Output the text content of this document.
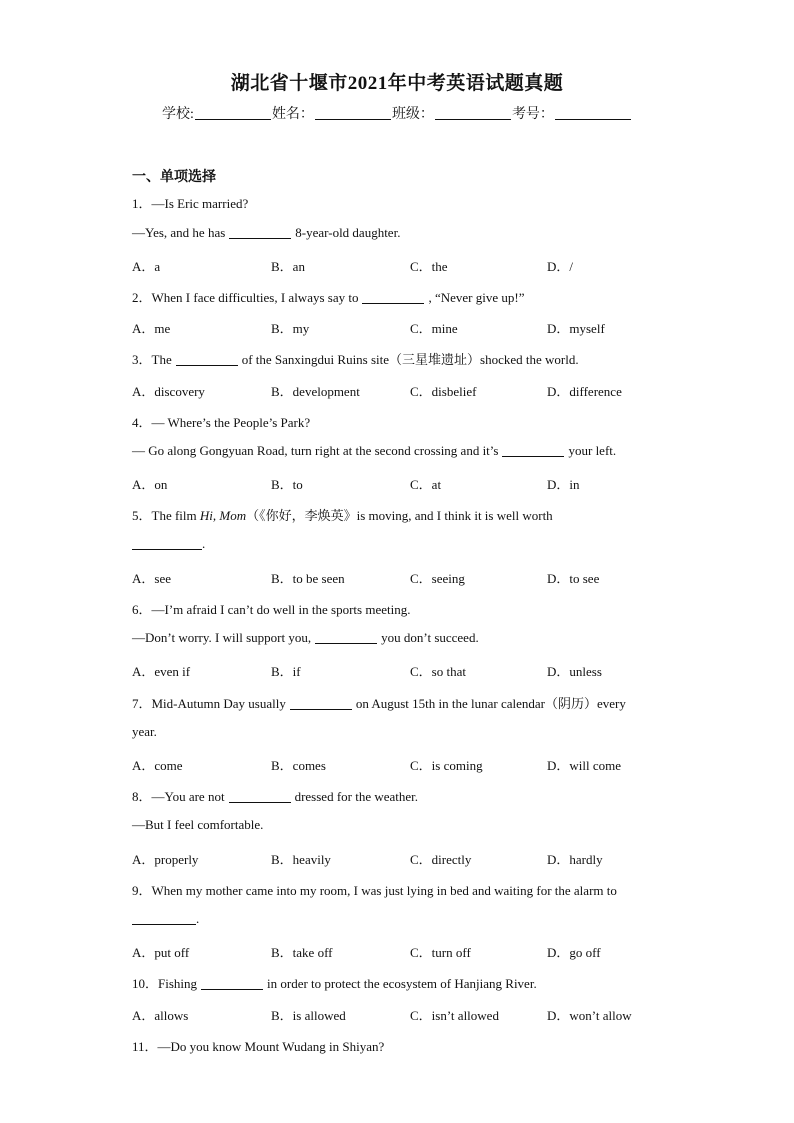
湖北省十堰市2021年中考英语试题真题
学校:	姓名：	班级：	考号：
一、单项选择
1．—Is Eric married?
—Yes, and he has	8-year-old daughter.
A．a	B．an	C．the	D．/
2．When I face difficulties, I always say to	, “Never give up!”
A．me	B．my	C．mine	D．myself
3．The	of the Sanxingdui Ruins site（三星堆遗址）shocked the world.
A．discovery	B．development	C．disbelief	D．difference
4．— Where’s the People’s Park?
— Go along Gongyuan Road, turn right at the second crossing and it’s	your left.
A．on	B．to	C．at	D．in
5．The film Hi, Mom（《你好，李焕英》is moving, and I think it is well worth
.
A．see	B．to be seen	C．seeing	D．to see
6．—I’m afraid I can’t do well in the sports meeting.
—Don’t worry. I will support you,	you don’t succeed.
A．even if	B．if	C．so that	D．unless
7．Mid-Autumn Day usually	on August 15th in the lunar calendar（阴历）every
year.
A．come	B．comes	C．is coming	D．will come
8．—You are not	dressed for the weather.
—But I feel comfortable.
A．properly	B．heavily	C．directly	D．hardly
9．When my mother came into my room, I was just lying in bed and waiting for the alarm to
.
A．put off	B．take off	C．turn off	D．go off
10．Fishing	in order to protect the ecosystem of Hanjiang River.
A．allows	B．is allowed	C．isn’t allowed	D．won’t allow
11．—Do you know Mount Wudang in Shiyan?
